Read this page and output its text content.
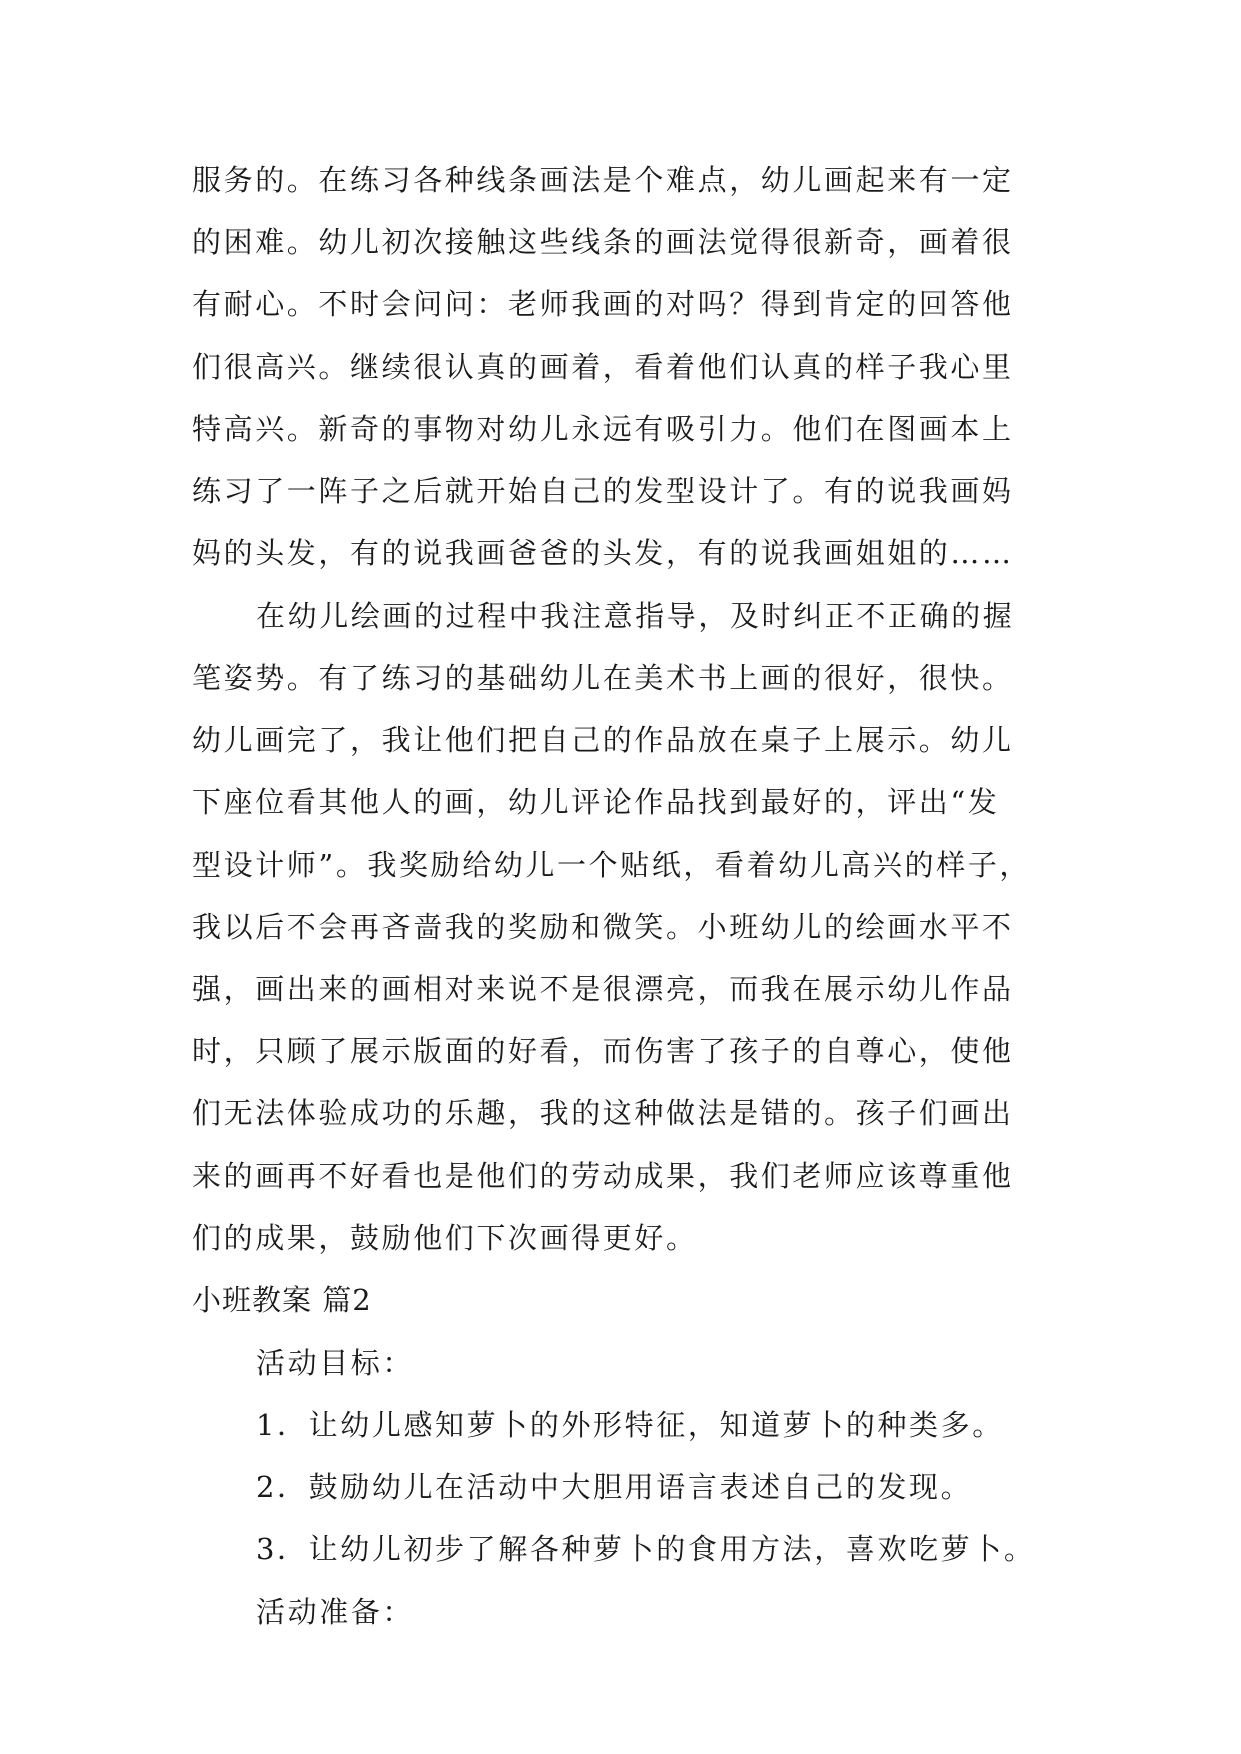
服务的。在练习各种线条画法是个难点，幼儿画起来有一定
的困难。幼儿初次接触这些线条的画法觉得很新奇，画着很
有耐心。不时会问问：老师我画的对吗？得到肯定的回答他
们很高兴。继续很认真的画着，看着他们认真的样子我心里
特高兴。新奇的事物对幼儿永远有吸引力。他们在图画本上
练习了一阵子之后就开始自己的发型设计了。有的说我画妈
妈的头发，有的说我画爸爸的头发，有的说我画姐姐的……
在幼儿绘画的过程中我注意指导，及时纠正不正确的握
笔姿势。有了练习的基础幼儿在美术书上画的很好，很快。
幼儿画完了，我让他们把自己的作品放在桌子上展示。幼儿
下座位看其他人的画，幼儿评论作品找到最好的，评出“发
型设计师”。我奖励给幼儿一个贴纸，看着幼儿高兴的样子，
我以后不会再吝啬我的奖励和微笑。小班幼儿的绘画水平不
强，画出来的画相对来说不是很漂亮，而我在展示幼儿作品
时，只顾了展示版面的好看，而伤害了孩子的自尊心，使他
们无法体验成功的乐趣，我的这种做法是错的。孩子们画出
来的画再不好看也是他们的劳动成果，我们老师应该尊重他
们的成果，鼓励他们下次画得更好。
小班教案 篇2
活动目标：
1．让幼儿感知萝卜的外形特征，知道萝卜的种类多。
2．鼓励幼儿在活动中大胆用语言表述自己的发现。
3．让幼儿初步了解各种萝卜的食用方法，喜欢吃萝卜。
活动准备：
